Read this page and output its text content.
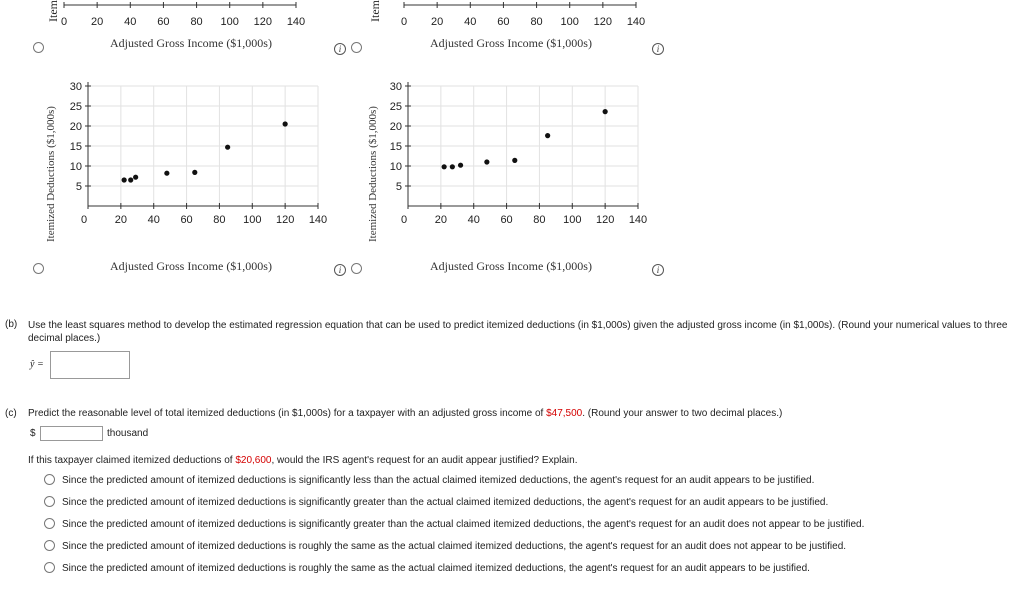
Item	Item
0 20 40 60 80 100 120 140	0 20 40 60 80 100 120 140
Adjusted Gross Income ($1,000s)	Adjusted Gross Income ($1,000s)
i	i
Itemized Deductions ($1,000s) 5
10
15
20
25
30
0	20 40 60 80 100 120 140
Adjusted Gross Income ($1,000s)	i
Itemized Deductions ($1,000s) 5
10
15
20
25
30
0	20 40 60 80 100 120 140
Adjusted Gross Income ($1,000s)	i
(b) Use the least squares method to develop the estimated regression equation that can be used to predict itemized deductions (in $1,000s) given the adjusted gross income (in $1,000s). (Round your numerical values to three decimal places.)
ŷ =
(c) Predict the reasonable level of total itemized deductions (in $1,000s) for a taxpayer with an adjusted gross income of $47,500. (Round your answer to two decimal places.)
$	thousand
If this taxpayer claimed itemized deductions of $20,600, would the IRS agent's request for an audit appear justified? Explain.
Since the predicted amount of itemized deductions is significantly less than the actual claimed itemized deductions, the agent's request for an audit appears to be justified.
Since the predicted amount of itemized deductions is significantly greater than the actual claimed itemized deductions, the agent's request for an audit appears to be justified.
Since the predicted amount of itemized deductions is significantly greater than the actual claimed itemized deductions, the agent's request for an audit does not appear to be justified.
Since the predicted amount of itemized deductions is roughly the same as the actual claimed itemized deductions, the agent's request for an audit does not appear to be justified.
Since the predicted amount of itemized deductions is roughly the same as the actual claimed itemized deductions, the agent's request for an audit appears to be justified.
